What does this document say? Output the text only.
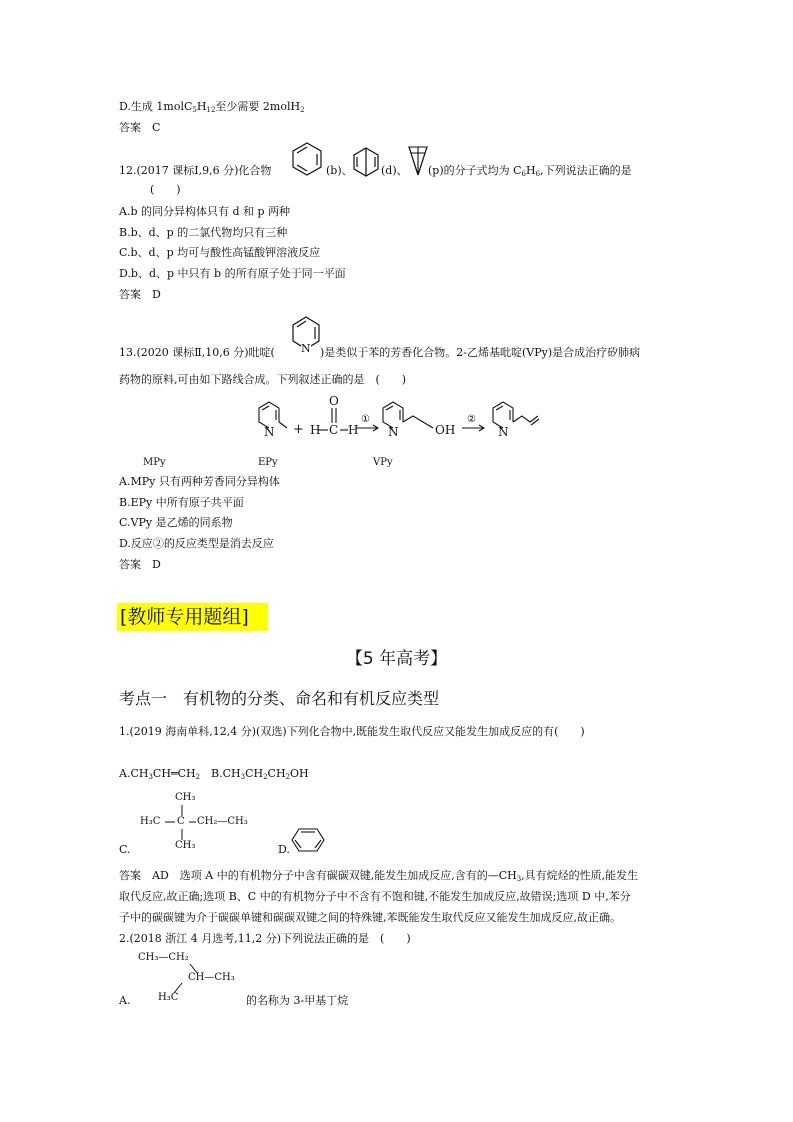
D.生成 $1molC_5H_{12}$至少需要 2molH$_2$
答案　C
12.(2017 课标Ⅰ,9,6 分)化合物	(b)、	(d)、 (p)的分子式均为 $C_6H_6$,下列说法正确的是
(　　)
A.b 的同分异构体只有 d 和 p 两种
B.b、d、p 的二氯代物均只有三种
C.b、d、p 均可与酸性高锰酸钾溶液反应
D.b、d、p 中只有 b 的所有原子处于同一平面
答案　D
13.(2020 课标Ⅱ,10,6 分)吡啶( N )是类似于苯的芳香化合物。2-乙烯基吡啶(VPy)是合成治疗矽肺病
药物的原料,可由如下路线合成。下列叙述正确的是　(　　)
N + H C H
O
①
N	OH
②
N
MPy	EPy	VPy
A.MPy 只有两种芳香同分异构体
B.EPy 中所有原子共平面
C.VPy 是乙烯的同系物
D.反应②的反应类型是消去反应
答案　D
[教师专用题组]
【5 年高考】
考点一　有机物的分类、命名和有机反应类型
1.(2019 海南单科,12,4 分)(双选)下列化合物中,既能发生取代反应又能发生加成反应的有(　　)
$A.CH_3CH═CH_2$ $B.CH_3CH_2CH_2OH$
CH₃
H₃C C CH₂—CH₃
CH₃
C.	D.
答案　AD　选项 A 中的有机物分子中含有碳碳双键,能发生加成反应,含有的$—CH_3$,具有烷烃的性质,能发生
取代反应,故正确;选项 B、C 中的有机物分子中不含有不饱和键,不能发生加成反应,故错误;选项 D 中,苯分
子中的碳碳键为介于碳碳单键和碳碳双键之间的特殊键,苯既能发生取代反应又能发生加成反应,故正确。
2.(2018 浙江 4 月选考,11,2 分)下列说法正确的是　(　　)
CH₃—CH₂
CH—CH₃
H₃C
A.	的名称为 3-甲基丁烷
